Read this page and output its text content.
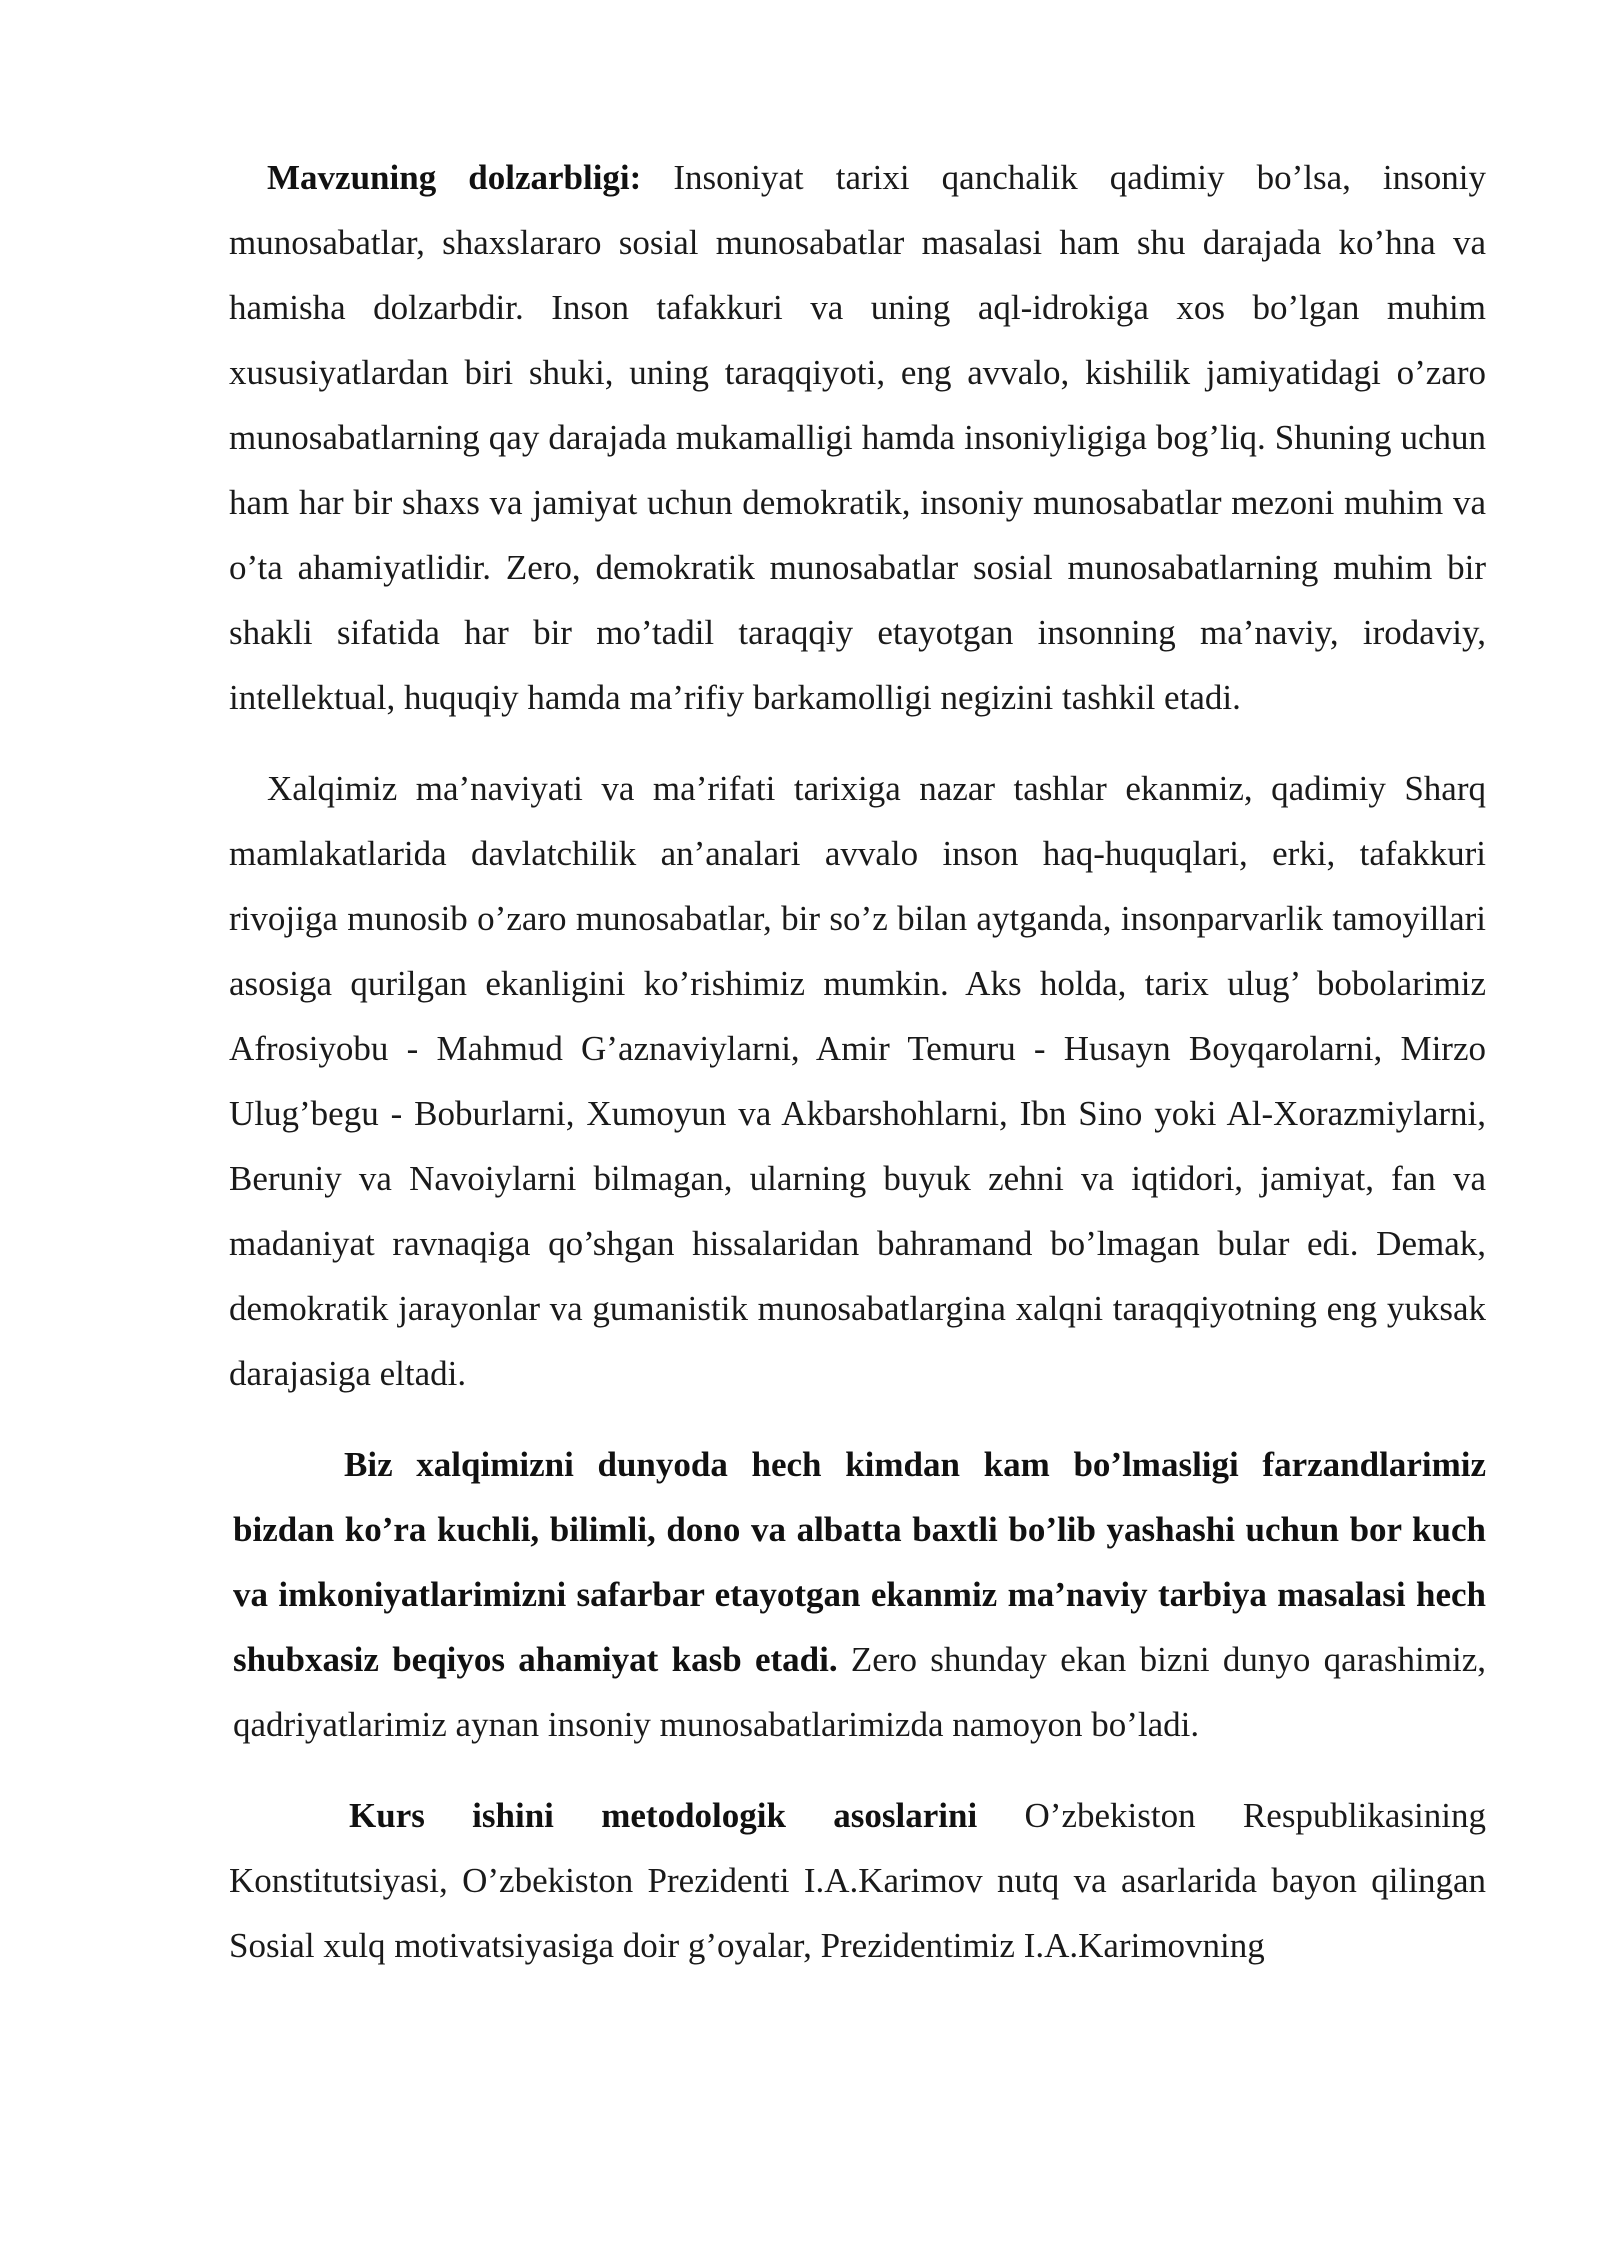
Mavzuning dolzarbligi: Insoniyat tarixi qanchalik qadimiy bo’lsa, insoniy munosabatlar, shaxslararo sosial munosabatlar masalasi ham shu darajada ko’hna va hamisha dolzarbdir. Inson tafakkuri va uning aql-idrokiga xos bo’lgan muhim xususiyatlardan biri shuki, uning taraqqiyoti, eng avvalo, kishilik jamiyatidagi o’zaro munosabatlarning qay darajada mukamalligi hamda insoniyligiga bog’liq. Shuning uchun ham har bir shaxs va jamiyat uchun demokratik, insoniy munosabatlar mezoni muhim va o’ta ahamiyatlidir. Zero, demokratik munosabatlar sosial munosabatlarning muhim bir shakli sifatida har bir mo’tadil taraqqiy etayotgan insonning ma’naviy, irodaviy, intellektual, huquqiy hamda ma’rifiy barkamolligi negizini tashkil etadi.

Xalqimiz ma’naviyati va ma’rifati tarixiga nazar tashlar ekanmiz, qadimiy Sharq mamlakatlarida davlatchilik an’analari avvalo inson haq-huquqlari, erki, tafakkuri rivojiga munosib o’zaro munosabatlar, bir so’z bilan aytganda, insonparvarlik tamoyillari asosiga qurilgan ekanligini ko’rishimiz mumkin. Aks holda, tarix ulug’ bobolarimiz Afrosiyobu - Mahmud G’aznaviylarni, Amir Temuru - Husayn Boyqarolarni, Mirzo Ulug’begu - Boburlarni, Xumoyun va Akbarshohlarni, Ibn Sino yoki Al-Xorazmiylarni, Beruniy va Navoiylarni bilmagan, ularning buyuk zehni va iqtidori, jamiyat, fan va madaniyat ravnaqiga qo’shgan hissalaridan bahramand bo’lmagan bular edi. Demak, demokratik jarayonlar va gumanistik munosabatlargina xalqni taraqqiyotning eng yuksak darajasiga eltadi.

Biz xalqimizni dunyoda hech kimdan kam bo’lmasligi farzandlarimiz bizdan ko’ra kuchli, bilimli, dono va albatta baxtli bo’lib yashashi uchun bor kuch va imkoniyatlarimizni safarbar etayotgan ekanmiz ma’naviy tarbiya masalasi hech shubxasiz beqiyos ahamiyat kasb etadi. Zero shunday ekan bizni dunyo qarashimiz, qadriyatlarimiz aynan insoniy munosabatlarimizda namoyon bo’ladi.

Kurs ishini metodologik asoslarini O’zbekiston Respublikasining Konstitutsiyasi, O’zbekiston Prezidenti I.A.Karimov nutq va asarlarida bayon qilingan Sosial xulq motivatsiyasiga doir g’oyalar, Prezidentimiz I.A.Karimovning
